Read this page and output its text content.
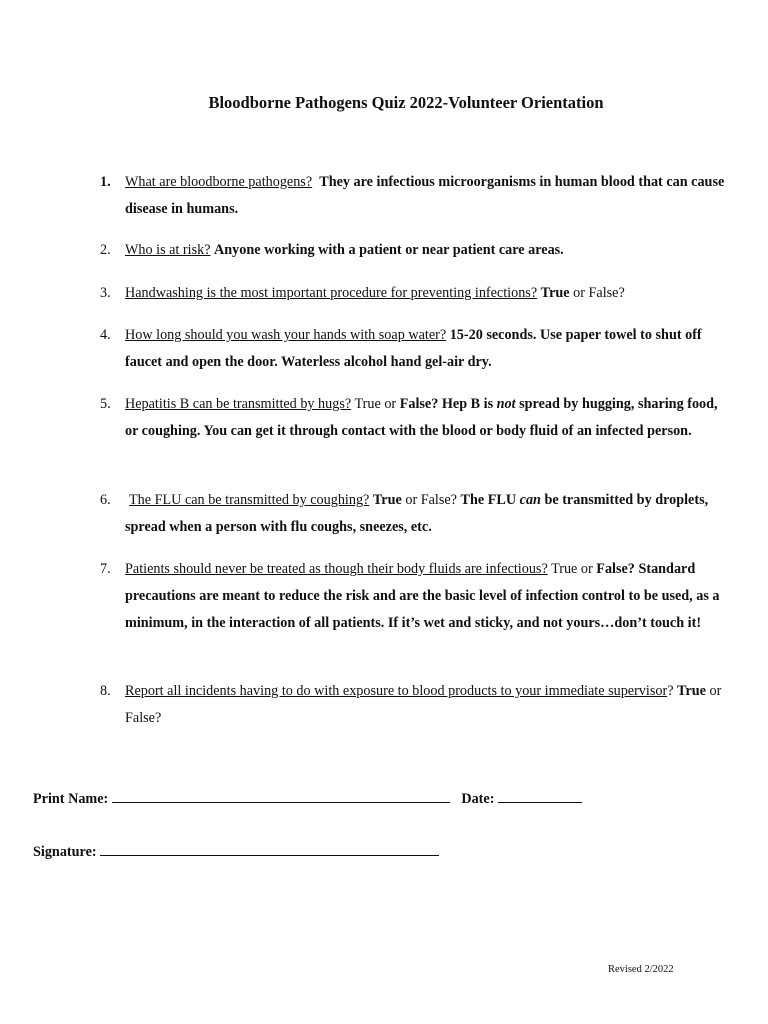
Bloodborne Pathogens Quiz 2022-Volunteer Orientation
1.	What are bloodborne pathogens? They are infectious microorganisms in human blood that can cause disease in humans.
2.	Who is at risk? Anyone working with a patient or near patient care areas.
3.	Handwashing is the most important procedure for preventing infections? True or False?
4.	How long should you wash your hands with soap water? 15-20 seconds. Use paper towel to shut off faucet and open the door. Waterless alcohol hand gel-air dry.
5.	Hepatitis B can be transmitted by hugs? True or False? Hep B is not spread by hugging, sharing food, or coughing. You can get it through contact with the blood or body fluid of an infected person.
6.	The FLU can be transmitted by coughing? True or False? The FLU can be transmitted by droplets, spread when a person with flu coughs, sneezes, etc.
7.	Patients should never be treated as though their body fluids are infectious? True or False? Standard precautions are meant to reduce the risk and are the basic level of infection control to be used, as a minimum, in the interaction of all patients. If it’s wet and sticky, and not yours…don’t touch it!
8.	Report all incidents having to do with exposure to blood products to your immediate supervisor? True or False?
Print Name:	Date:
Signature:
Revised 2/2022
